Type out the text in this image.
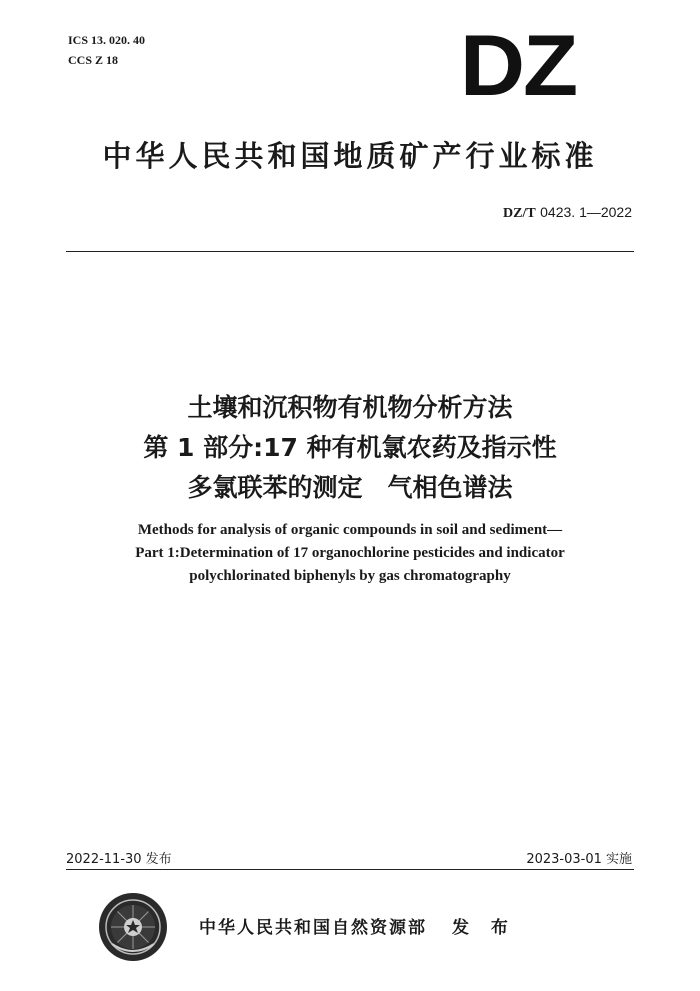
ICS 13. 020. 40
CCS Z 18	DZ
中华人民共和国地质矿产行业标准
DZ/T 0423. 1—2022
土壤和沉积物有机物分析方法
第 1 部分:17 种有机氯农药及指示性
多氯联苯的测定　气相色谱法
Methods for analysis of organic compounds in soil and sediment—
Part 1:Determination of 17 organochlorine pesticides and indicator
polychlorinated biphenyls by gas chromatography
2022-11-30 发布	2023-03-01 实施
中华人民共和国自然资源部 发 布
